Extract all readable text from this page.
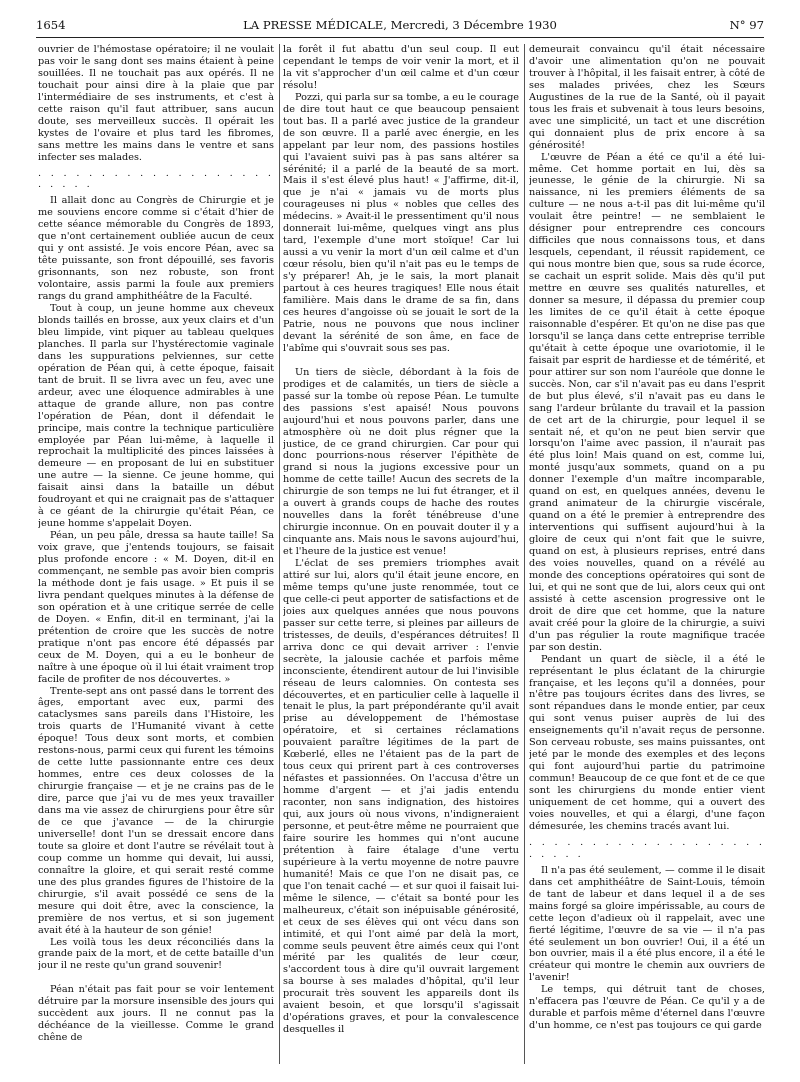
1654	LA PRESSE MÉDICALE, Mercredi, 3 Décembre 1930	N° 97

ouvrier de l'hémostase opératoire; il ne voulait pas voir le sang dont ses mains étaient à peine souillées. Il ne touchait pas aux opérés. Il ne touchait pour ainsi dire à la plaie que par l'intermédiaire de ses instruments, et c'est à cette raison qu'il faut attribuer, sans aucun doute, ses merveilleux succès. Il opérait les kystes de l'ovaire et plus tard les fibromes, sans mettre les mains dans le ventre et sans infecter ses malades.

. . . . . . . . . . . . . . . . . . . . . . . .

Il allait donc au Congrès de Chirurgie et je me souviens encore comme si c'était d'hier de cette séance mémorable du Congrès de 1893, que n'ont certainement oubliée aucun de ceux qui y ont assisté. Je vois encore Péan, avec sa tête puissante, son front dépouillé, ses favoris grisonnants, son nez robuste, son front volontaire, assis parmi la foule aux premiers rangs du grand amphithéâtre de la Faculté.

Tout à coup, un jeune homme aux cheveux blonds taillés en brosse, aux yeux clairs et d'un bleu limpide, vint piquer au tableau quelques planches. Il parla sur l'hystérectomie vaginale dans les suppurations pelviennes, sur cette opération de Péan qui, à cette époque, faisait tant de bruit. Il se livra avec un feu, avec une ardeur, avec une éloquence admirables à une attaque de grande allure, non pas contre l'opération de Péan, dont il défendait le principe, mais contre la technique particulière employée par Péan lui-même, à laquelle il reprochait la multiplicité des pinces laissées à demeure — en proposant de lui en substituer une autre — la sienne. Ce jeune homme, qui faisait ainsi dans la bataille un début foudroyant et qui ne craignait pas de s'attaquer à ce géant de la chirurgie qu'était Péan, ce jeune homme s'appelait Doyen.

Péan, un peu pâle, dressa sa haute taille! Sa voix grave, que j'entends toujours, se faisait plus profonde encore : « M. Doyen, dit-il en commençant, ne semble pas avoir bien compris la méthode dont je fais usage. » Et puis il se livra pendant quelques minutes à la défense de son opération et à une critique serrée de celle de Doyen. « Enfin, dit-il en terminant, j'ai la prétention de croire que les succès de notre pratique n'ont pas encore été dépassés par ceux de M. Doyen, qui a eu le bonheur de naître à une époque où il lui était vraiment trop facile de profiter de nos découvertes. »

Trente-sept ans ont passé dans le torrent des âges, emportant avec eux, parmi des cataclysmes sans pareils dans l'Histoire, les trois quarts de l'Humanité vivant à cette époque! Tous deux sont morts, et combien restons-nous, parmi ceux qui furent les témoins de cette lutte passionnante entre ces deux hommes, entre ces deux colosses de la chirurgie française — et je ne crains pas de le dire, parce que j'ai vu de mes yeux travailler dans ma vie assez de chirurgiens pour être sûr de ce que j'avance — de la chirurgie universelle! dont l'un se dressait encore dans toute sa gloire et dont l'autre se révélait tout à coup comme un homme qui devait, lui aussi, connaître la gloire, et qui serait resté comme une des plus grandes figures de l'histoire de la chirurgie, s'il avait possédé ce sens de la mesure qui doit être, avec la conscience, la première de nos vertus, et si son jugement avait été à la hauteur de son génie!

Les voilà tous les deux réconciliés dans la grande paix de la mort, et de cette bataille d'un jour il ne reste qu'un grand souvenir!

Péan n'était pas fait pour se voir lentement détruire par la morsure insensible des jours qui succèdent aux jours. Il ne connut pas la déchéance de la vieillesse. Comme le grand chêne de

la forêt il fut abattu d'un seul coup. Il eut cependant le temps de voir venir la mort, et il la vit s'approcher d'un œil calme et d'un cœur résolu!

Pozzi, qui parla sur sa tombe, a eu le courage de dire tout haut ce que beaucoup pensaient tout bas. Il a parlé avec justice de la grandeur de son œuvre. Il a parlé avec énergie, en les appelant par leur nom, des passions hostiles qui l'avaient suivi pas à pas sans altérer sa sérénité; il a parlé de la beauté de sa mort. Mais il s'est élevé plus haut! « J'affirme, dit-il, que je n'ai « jamais vu de morts plus courageuses ni plus « nobles que celles des médecins. » Avait-il le pressentiment qu'il nous donnerait lui-même, quelques vingt ans plus tard, l'exemple d'une mort stoïque! Car lui aussi a vu venir la mort d'un œil calme et d'un cœur résolu, bien qu'il n'ait pas eu le temps de s'y préparer! Ah, je le sais, la mort planait partout à ces heures tragiques! Elle nous était familière. Mais dans le drame de sa fin, dans ces heures d'angoisse où se jouait le sort de la Patrie, nous ne pouvons que nous incliner devant la sérénité de son âme, en face de l'abîme qui s'ouvrait sous ses pas.

Un tiers de siècle, débordant à la fois de prodiges et de calamités, un tiers de siècle a passé sur la tombe où repose Péan. Le tumulte des passions s'est apaisé! Nous pouvons aujourd'hui et nous pouvons parler, dans une atmosphère où ne doit plus régner que la justice, de ce grand chirurgien. Car pour qui donc pourrions-nous réserver l'épithète de grand si nous la jugions excessive pour un homme de cette taille! Aucun des secrets de la chirurgie de son temps ne lui fut étranger, et il a ouvert à grands coups de hache des routes nouvelles dans la forêt ténébreuse d'une chirurgie inconnue. On en pouvait douter il y a cinquante ans. Mais nous le savons aujourd'hui, et l'heure de la justice est venue!

L'éclat de ses premiers triomphes avait attiré sur lui, alors qu'il était jeune encore, en même temps qu'une juste renommée, tout ce que celle-ci peut apporter de satisfactions et de joies aux quelques années que nous pouvons passer sur cette terre, si pleines par ailleurs de tristesses, de deuils, d'espérances détruites! Il arriva donc ce qui devait arriver : l'envie secrète, la jalousie cachée et parfois même inconsciente, étendirent autour de lui l'invisible réseau de leurs calomnies. On contesta ses découvertes, et en particulier celle à laquelle il tenait le plus, la part prépondérante qu'il avait prise au développement de l'hémostase opératoire, et si certaines réclamations pouvaient paraître légitimes de la part de Kœberlé, elles ne l'étaient pas de la part de tous ceux qui prirent part à ces controverses néfastes et passionnées. On l'accusa d'être un homme d'argent — et j'ai jadis entendu raconter, non sans indignation, des histoires qui, aux jours où nous vivons, n'indigneraient personne, et peut-être même ne pourraient que faire sourire les hommes qui n'ont aucune prétention à faire étalage d'une vertu supérieure à la vertu moyenne de notre pauvre humanité! Mais ce que l'on ne disait pas, ce que l'on tenait caché — et sur quoi il faisait lui-même le silence, — c'était sa bonté pour les malheureux, c'était son inépuisable générosité, et ceux de ses élèves qui ont vécu dans son intimité, et qui l'ont aimé par delà la mort, comme seuls peuvent être aimés ceux qui l'ont mérité par les qualités de leur cœur, s'accordent tous à dire qu'il ouvrait largement sa bourse à ses malades d'hôpital, qu'il leur procurait très souvent les appareils dont ils avaient besoin, et que lorsqu'il s'agissait d'opérations graves, et pour la convalescence desquelles il

demeurait convaincu qu'il était nécessaire d'avoir une alimentation qu'on ne pouvait trouver à l'hôpital, il les faisait entrer, à côté de ses malades privées, chez les Sœurs Augustines de la rue de la Santé, où il payait tous les frais et subvenait à tous leurs besoins, avec une simplicité, un tact et une discrétion qui donnaient plus de prix encore à sa générosité!

L'œuvre de Péan a été ce qu'il a été lui-même. Cet homme portait en lui, dès sa jeunesse, le génie de la chirurgie. Ni sa naissance, ni les premiers éléments de sa culture — ne nous a-t-il pas dit lui-même qu'il voulait être peintre! — ne semblaient le désigner pour entreprendre ces concours difficiles que nous connaissons tous, et dans lesquels, cependant, il réussit rapidement, ce qui nous montre bien que, sous sa rude écorce, se cachait un esprit solide. Mais dès qu'il put mettre en œuvre ses qualités naturelles, et donner sa mesure, il dépassa du premier coup les limites de ce qu'il était à cette époque raisonnable d'espérer. Et qu'on ne dise pas que lorsqu'il se lança dans cette entreprise terrible qu'était à cette époque une ovariotomie, il le faisait par esprit de hardiesse et de témérité, et pour attirer sur son nom l'auréole que donne le succès. Non, car s'il n'avait pas eu dans l'esprit de but plus élevé, s'il n'avait pas eu dans le sang l'ardeur brûlante du travail et la passion de cet art de la chirurgie, pour lequel il se sentait né, et qu'on ne peut bien servir que lorsqu'on l'aime avec passion, il n'aurait pas été plus loin! Mais quand on est, comme lui, monté jusqu'aux sommets, quand on a pu donner l'exemple d'un maître incomparable, quand on est, en quelques années, devenu le grand animateur de la chirurgie viscérale, quand on a été le premier à entreprendre des interventions qui suffisent aujourd'hui à la gloire de ceux qui n'ont fait que le suivre, quand on est, à plusieurs reprises, entré dans des voies nouvelles, quand on a révélé au monde des conceptions opératoires qui sont de lui, et qui ne sont que de lui, alors ceux qui ont assisté à cette ascension progressive ont le droit de dire que cet homme, que la nature avait créé pour la gloire de la chirurgie, a suivi d'un pas régulier la route magnifique tracée par son destin.

Pendant un quart de siècle, il a été le représentant le plus éclatant de la chirurgie française, et les leçons qu'il a données, pour n'être pas toujours écrites dans des livres, se sont répandues dans le monde entier, par ceux qui sont venus puiser auprès de lui des enseignements qu'il n'avait reçus de personne. Son cerveau robuste, ses mains puissantes, ont jeté par le monde des exemples et des leçons qui font aujourd'hui partie du patrimoine commun! Beaucoup de ce que font et de ce que sont les chirurgiens du monde entier vient uniquement de cet homme, qui a ouvert des voies nouvelles, et qui a élargi, d'une façon démesurée, les chemins tracés avant lui.

. . . . . . . . . . . . . . . . . . . . . . . .

Il n'a pas été seulement, — comme il le disait dans cet amphithéâtre de Saint-Louis, témoin de tant de labeur et dans lequel il a de ses mains forgé sa gloire impérissable, au cours de cette leçon d'adieux où il rappelait, avec une fierté légitime, l'œuvre de sa vie — il n'a pas été seulement un bon ouvrier! Oui, il a été un bon ouvrier, mais il a été plus encore, il a été le créateur qui montre le chemin aux ouvriers de l'avenir!

Le temps, qui détruit tant de choses, n'effacera pas l'œuvre de Péan. Ce qu'il y a de durable et parfois même d'éternel dans l'œuvre d'un homme, ce n'est pas toujours ce qui garde
